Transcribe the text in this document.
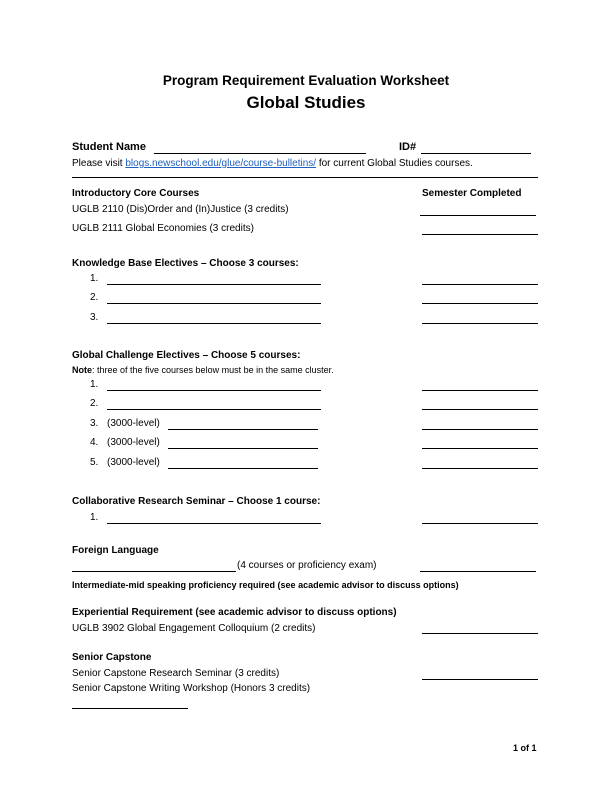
Program Requirement Evaluation Worksheet
Global Studies
Student Name	ID#
Please visit blogs.newschool.edu/glue/course-bulletins/ for current Global Studies courses.
Introductory Core Courses	Semester Completed
UGLB 2110 (Dis)Order and (In)Justice (3 credits)
UGLB 2111 Global Economies (3 credits)
Knowledge Base Electives – Choose 3 courses:
1.
2.
3.
Global Challenge Electives – Choose 5 courses:
Note: three of the five courses below must be in the same cluster.
1.
2.
3. (3000-level)
4. (3000-level)
5. (3000-level)
Collaborative Research Seminar – Choose 1 course:
1.
Foreign Language
(4 courses or proficiency exam)
Intermediate-mid speaking proficiency required (see academic advisor to discuss options)
Experiential Requirement (see academic advisor to discuss options)
UGLB 3902 Global Engagement Colloquium (2 credits)
Senior Capstone
Senior Capstone Research Seminar (3 credits)
Senior Capstone Writing Workshop (Honors 3 credits)
1 of 1
